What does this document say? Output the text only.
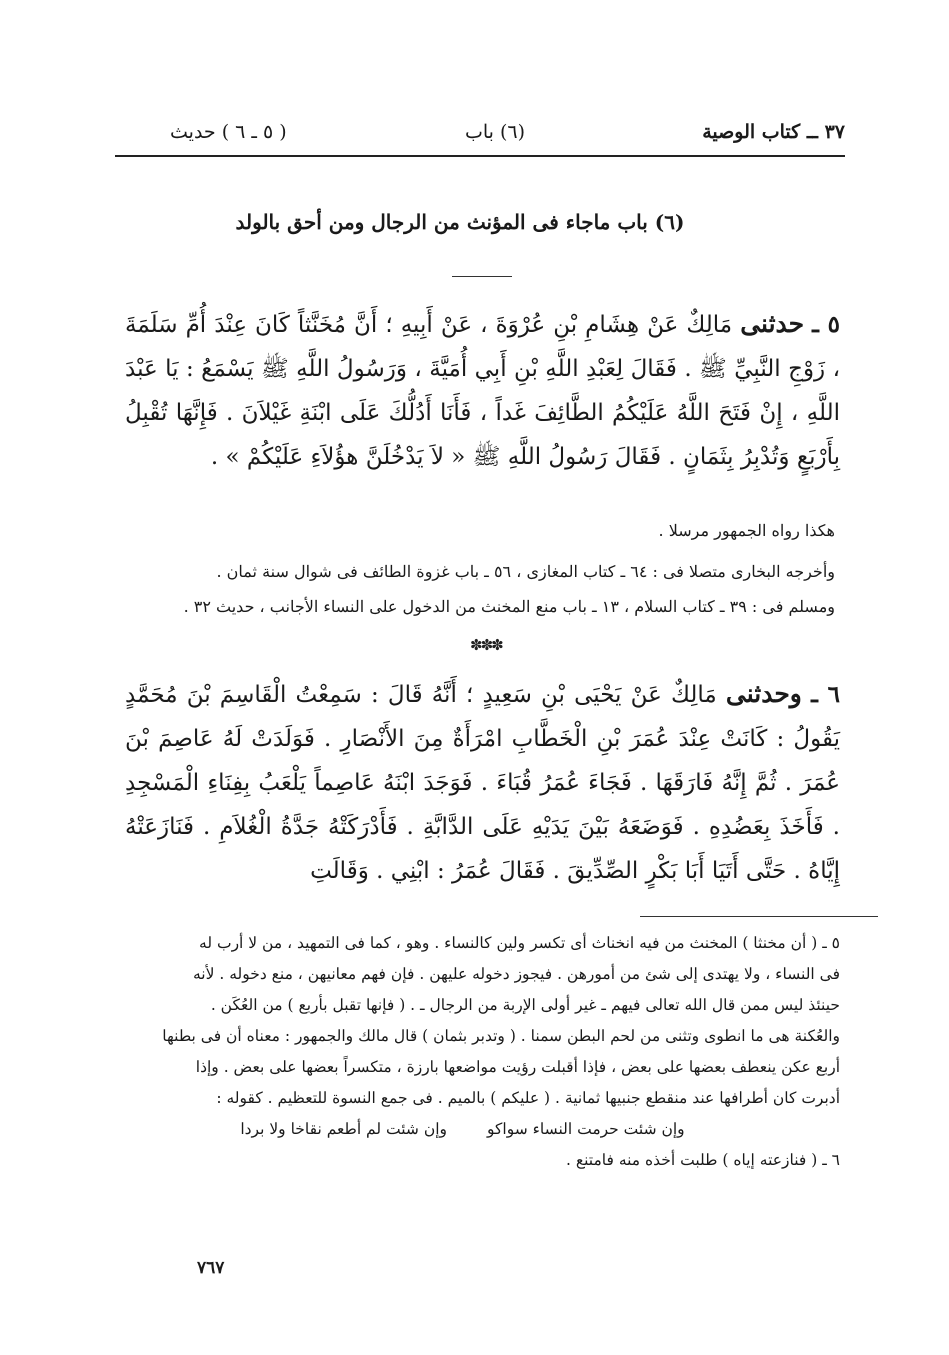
٣٧ ــ كتاب الوصية
(٦) باب
( ٥ ـ ٦ ) حديث
(٦) باب ماجاء فى المؤنث من الرجال ومن أحق بالولد
٥ ـ حدثنى مَالِكٌ عَنْ هِشَامِ بْنِ عُرْوَةَ ، عَنْ أَبِيهِ ؛ أَنَّ مُخَنَّثاً كَانَ عِنْدَ أُمِّ سَلَمَةَ ، زَوْجِ النَّبِيِّ ﷺ . فَقَالَ لِعَبْدِ اللَّهِ بْنِ أَبِي أُمَيَّةَ ، وَرَسُولُ اللَّهِ ﷺ يَسْمَعُ : يَا عَبْدَ اللَّهِ ، إِنْ فَتَحَ اللَّهُ عَلَيْكُمُ الطَّائِفَ غَداً ، فَأَنَا أَدُلُّكَ عَلَى ابْنَةِ غَيْلاَنَ . فَإِنَّهَا تُقْبِلُ بِأَرْبَعٍ وَتُدْبِرُ بِثَمَانٍ . فَقَالَ رَسُولُ اللَّهِ ﷺ « لاَ يَدْخُلَنَّ هؤُلاَءِ عَلَيْكُمْ » .
هكذا رواه الجمهور مرسلا .
وأخرجه البخارى متصلا فى : ٦٤ ـ كتاب المغازى ، ٥٦ ـ باب غزوة الطائف فى شوال سنة ثمان .
ومسلم فى : ٣٩ ـ كتاب السلام ، ١٣ ـ باب منع المخنث من الدخول على النساء الأجانب ، حديث ٣٢ .
✽✽✽
٦ ـ وحدثنى مَالِكٌ عَنْ يَحْيَى بْنِ سَعِيدٍ ؛ أَنَّهُ قَالَ : سَمِعْتُ الْقَاسِمَ بْنَ مُحَمَّدٍ يَقُولُ : كَانَتْ عِنْدَ عُمَرَ بْنِ الْخَطَّابِ امْرَأَةٌ مِنَ الأَنْصَارِ . فَوَلَدَتْ لَهُ عَاصِمَ بْنَ عُمَرَ . ثُمَّ إِنَّهُ فَارَقَهَا . فَجَاءَ عُمَرُ قُبَاءَ . فَوَجَدَ ابْنَهُ عَاصِماً يَلْعَبُ بِفِنَاءِ الْمَسْجِدِ . فَأَخَذَ بِعَضُدِهِ . فَوَضَعَهُ بَيْنَ يَدَيْهِ عَلَى الدَّابَّةِ . فَأَدْرَكَتْهُ جَدَّةُ الْغُلاَمِ . فَنَازَعَتْهُ إِيَّاهُ . حَتَّى أَتَيَا أَبَا بَكْرٍ الصِّدِّيقَ . فَقَالَ عُمَرُ : ابْنِي . وَقَالَتِ
٥ ـ ( أن مخنثا ) المخنث من فيه انخناث أى تكسر ولين كالنساء . وهو ، كما فى التمهيد ، من لا أرب له
فى النساء ، ولا يهتدى إلى شئ من أمورهن . فيجوز دخوله عليهن . فإن فهم معانيهن ، منع دخوله . لأنه
حينئذ ليس ممن قال الله تعالى فيهم ـ غير أولى الإربة من الرجال ـ . ( فإنها تقبل بأربع ) من العُكَن .
والعُكنة هى ما انطوى وتثنى من لحم البطن سمنا . ( وتدبر بثمان ) قال مالك والجمهور : معناه أن فى بطنها
أربع عكن ينعطف بعضها على بعض ، فإذا أقبلت رؤيت مواضعها بارزة ، متكسراً بعضها على بعض . وإذا
أدبرت كان أطرافها عند منقطع جنبيها ثمانية . ( عليكم ) بالميم . فى جمع النسوة للتعظيم . كقوله :
وإن شئت حرمت النساء سواكو
وإن شئت لم أطعم نقاخا ولا بردا
٦ ـ ( فنازعته إياه ) طلبت أخذه منه فامتنع .
٧٦٧
